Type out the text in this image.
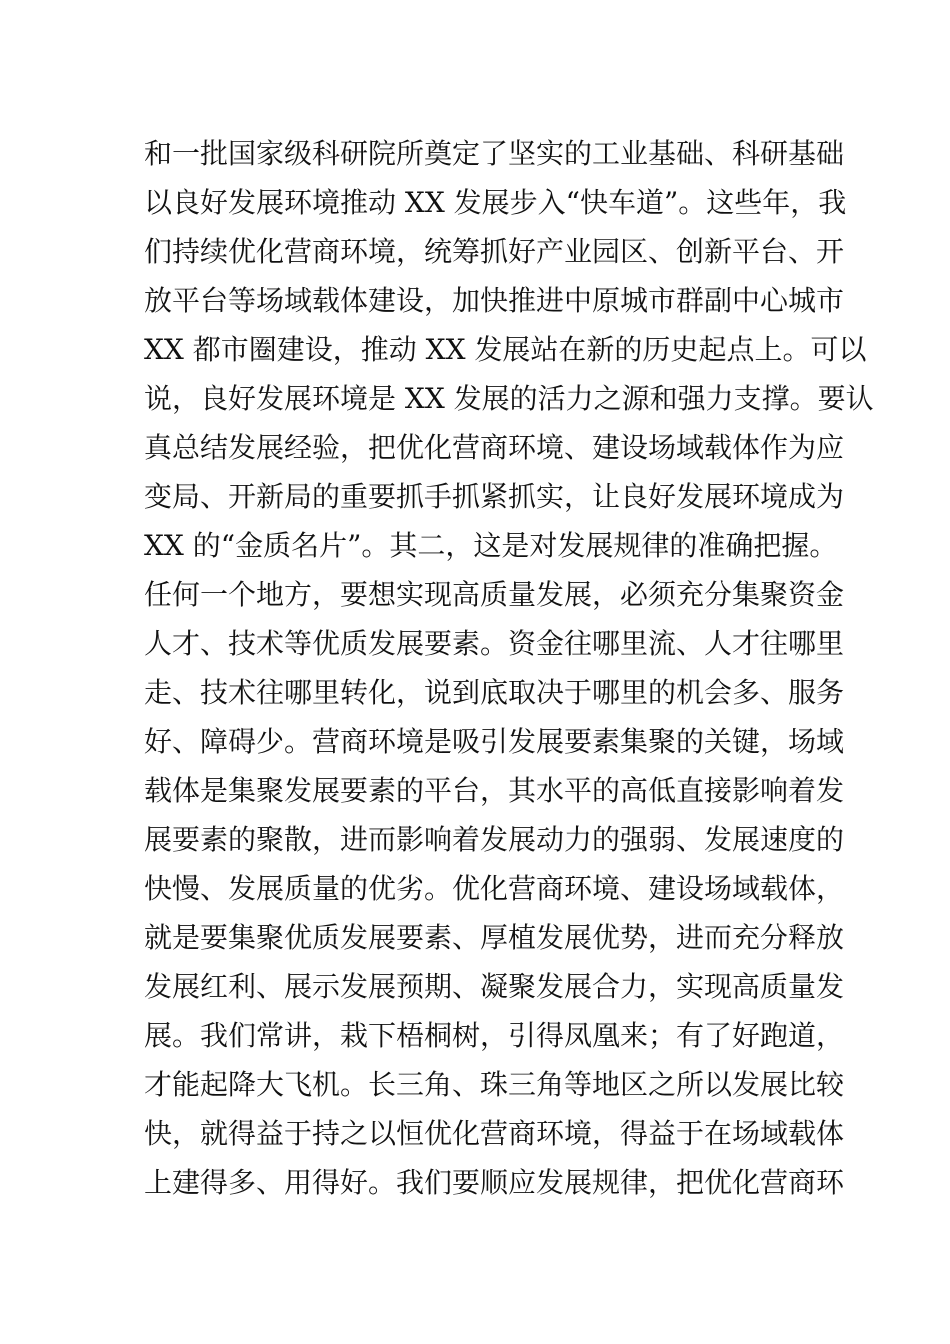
和一批国家级科研院所奠定了坚实的工业基础、科研基础
以良好发展环境推动 XX 发展步入“快车道”。这些年，我
们持续优化营商环境，统筹抓好产业园区、创新平台、开
放平台等场域载体建设，加快推进中原城市群副中心城市
XX 都市圈建设，推动 XX 发展站在新的历史起点上。可以
说，良好发展环境是 XX 发展的活力之源和强力支撑。要认
真总结发展经验，把优化营商环境、建设场域载体作为应
变局、开新局的重要抓手抓紧抓实，让良好发展环境成为
XX 的“金质名片”。其二，这是对发展规律的准确把握。
任何一个地方，要想实现高质量发展，必须充分集聚资金
人才、技术等优质发展要素。资金往哪里流、人才往哪里
走、技术往哪里转化，说到底取决于哪里的机会多、服务
好、障碍少。营商环境是吸引发展要素集聚的关键，场域
载体是集聚发展要素的平台，其水平的高低直接影响着发
展要素的聚散，进而影响着发展动力的强弱、发展速度的
快慢、发展质量的优劣。优化营商环境、建设场域载体，
就是要集聚优质发展要素、厚植发展优势，进而充分释放
发展红利、展示发展预期、凝聚发展合力，实现高质量发
展。我们常讲，栽下梧桐树，引得凤凰来；有了好跑道，
才能起降大飞机。长三角、珠三角等地区之所以发展比较
快，就得益于持之以恒优化营商环境，得益于在场域载体
上建得多、用得好。我们要顺应发展规律，把优化营商环
